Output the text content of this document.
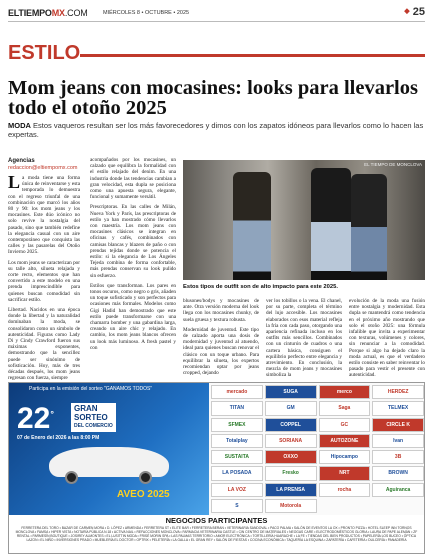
ELTIEMPOMX.COM	MIÉRCOLES 8 • OCTUBRE • 2025	◆ 25
ESTILO
Mom jeans con mocasines: looks para llevarlos todo el otoño 2025
MODA Estos vaqueros resultan ser los más favorecedores y dimos con los zapatos idóneos para llevarlos como lo hacen las expertas.
Agencias
redaccion@eltiempomx.com

La moda tiene una forma única de reinventarse y esta temporada lo demuestra con el regreso triunfal de una combinación que marcó los años 80 y 90: los mom jeans y los mocasines. Este dúo icónico no solo revive la nostalgia del pasado, sino que también redefine la elegancia casual con un aire contemporáneo que conquista las calles y las pasarelas del Otoño Invierno 2025.

Los mom jeans se caracterizan por su talle alto, silueta relajada y corte recto, elementos que han convertido a este modelo en una prenda imprescindible para quienes buscan comodidad sin sacrificar estilo.

Libertad. Nacidos en una época donde la libertad y la naturalidad dominaban la moda, se consolidaron como un símbolo de autenticidad. Figuras como Lady Di y Cindy Crawford fueron sus máximas exponentes, demostrando que la sencillez puede ser sinónimo de sofisticación. Hoy, más de tres décadas después, los mom jeans regresan con fuerza, siempre

acompañados por los mocasines, un calzado que equilibra la formalidad con el estilo relajado del denim. En una industria donde las tendencias cambian a gran velocidad, esta dupla se posiciona como una apuesta segura, elegante, funcional y sumamente versátil.

Prescriptoras. En las calles de Milán, Nueva York y París, las prescriptoras de estilo ya han mostrado cómo llevarlos con maestría. Los mom jeans con mocasines clásicos se integran en oficinas y cafés, combinados con camisas blancas y blazers de paño o con prendas tejidas donde se potencia el estilo: si la elegancia de Los Ángeles Tejeda combina de forma confortable, más prendas conservan su look pulido sin esfuerzo.

Estilos que transforman. Los pares en tonos oscuros, como negro o gris, añaden un toque sofisticado y son perfectos para ocasiones más formales. Modelos como Gigi Hadid han demostrado que este estilo puede transformarse con una chamarra bomber y una gabardina larga, creando un aire chic y relajado. En cambio, los mom jeans blancos ofrecen un look más luminoso. A fresh pastel y con

EL TIEMPO DE MONCLOVA
Estos tipos de outfit son de alto impacto para este 2025.

blusones/bodys y mocasines de ante. Otra versión moderna del look llega con los mocasines chunky, de suela gruesa y textura robusta.

Modernidad de juventud. Este tipo de calzado aporta una dosis de modernidad y juventud al atuendo, ideal para quienes buscan renovar el clásico con un toque urbano. Para equilibrar la silueta, los expertos recomiendan optar por jeans cropped, dejando

ver los tobillos o la vena. El chanel, por su parte, completa el término del lujo accesible. Los mocasines elaborados con esos material refleja la fría con cada paso, otorgando una apariencia refinada incluso en los outfits más sencillos. Combinados con un cinturón de cuadros o una cartera básica, consiguen el equilibrio perfecto entre elegancia y atrevimiento. En conclusión, la mezcla de mom jeans y mocasines simboliza la

evolución de la moda una fusión entre nostalgia y modernidad. Esta dupla se mantendrá como tendencia en el próximo año mostrando que solo el otoño 2025: una fórmula infalible que invita a experimentar con texturas, volúmenes y colores, sin renunciar a la comodidad. Porque si algo ha dejado claro la moda actual, es que el verdadero estilo consiste en saber reinventar lo pasado para vestir el presente con autenticidad.

Participa en la emisión del sorteo "GANAMOS TODOS"
22°
GRAN
SORTEO
DEL COMERCIO
07 de Enero del 2026 a las 8:00 PM
AVEO 2025
mercado	SUGA	merco	HERDEZ
TITAN	GM	Saga	TELMEX
SFMEX	COPPEL	GC	CIRCLE K
Totalplay	SORIANA	AUTOZONE	Ivan
SUSTAITA	OXXO	Hipocampo	3B
LA POSADA	Fresko	NRT	BROWN
LA VOZ	LA PRENSA	rocha	Aguiranca
S	Motorola
NEGOCIOS PARTICIPANTES
FERRETERA DEL TORO • BAZAR DE CARMEN MORA • D. LÓPEZ • ARMENDA • FERRETERA ST • ELITE BAR • FERRETERA BERAN • VETERINARIA SANDOVAL • PACO PALMA • SALÓN DE EVENTOS LA OX • PRONTO PIZZA • HOTEL SLEEP INN TORNOS MONCLOVA • FAMSA • HIPER VISTA • NOTARÍA PÚBLICA N.18 • ACTIVA NAIL • REFACCIONES MONCLOVA • FARMACIA VETERINARIA CASTLE • CIN CENTRO DE MATERIALES • NEOGAS CARE • ELECTRODOMÉSTICOS GLORIA • LAURA DE PAPE ALEMÁN • ZF RENTAL • PARMESÍN BOUTIQUE • JOSIREY ALMONTES • EL LUSITTIN MODA • FRISÉ MORIN SPA • LAS PALMAS TERRITORIO • AMOR ELECTRÓNICA • TORTILLERÍA HUARACHE • LA FE • TIENDAS DEL BIEN PRODUCTOS • PAPELERÍA LOS BUCEO • ÓPTICA LAZON • EL NIÑO • INVERSIONES PRADO • MUEBLERÍA EL DOCTOR • OPTRIX • PELETERÍA • LA GALLA • EL GRAN REY • SALÓN DE FIESTAS • COCINA ECONÓMICA • TAQUERÍA LA ESQUINA • ZAPATERÍA • CAFETERÍA • DULCERÍA • PANADERÍA
